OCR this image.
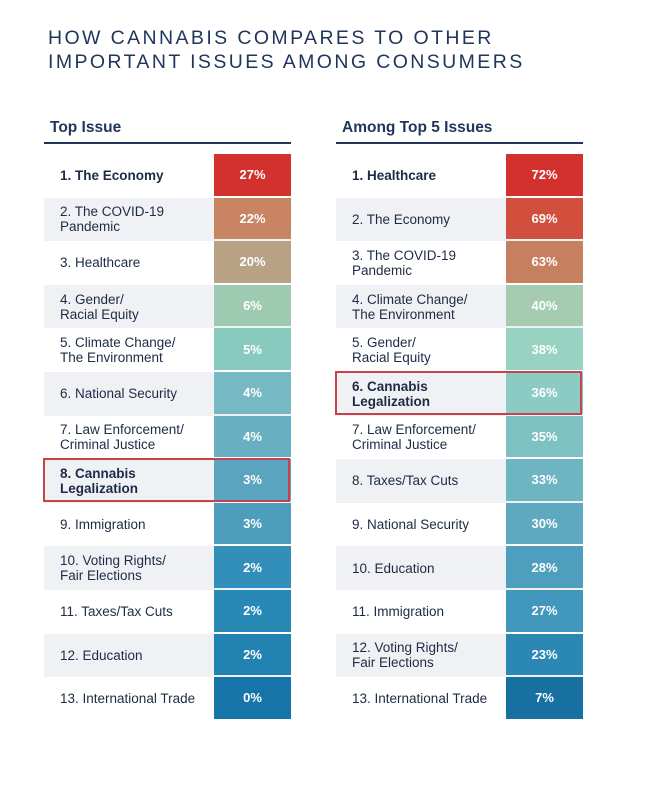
HOW CANNABIS COMPARES TO OTHER
IMPORTANT ISSUES AMONG CONSUMERS
Top Issue
1. The Economy	27%
2. The COVID-19
Pandemic
22%
3. Healthcare	20%
4. Gender/
Racial Equity
6%
5. Climate Change/
The Environment
5%
6. National Security	4%
7. Law Enforcement/
Criminal Justice
4%
8. Cannabis
Legalization
3%
9. Immigration	3%
10. Voting Rights/
Fair Elections
2%
11. Taxes/Tax Cuts	2%
12. Education	2%
13. International Trade	0%
Among Top 5 Issues
1. Healthcare	72%
2. The Economy	69%
3. The COVID-19
Pandemic
63%
4. Climate Change/
The Environment
40%
5. Gender/
Racial Equity
38%
6. Cannabis
Legalization
36%
7. Law Enforcement/
Criminal Justice
35%
8. Taxes/Tax Cuts	33%
9. National Security	30%
10. Education	28%
11. Immigration	27%
12. Voting Rights/
Fair Elections
23%
13. International Trade	7%
